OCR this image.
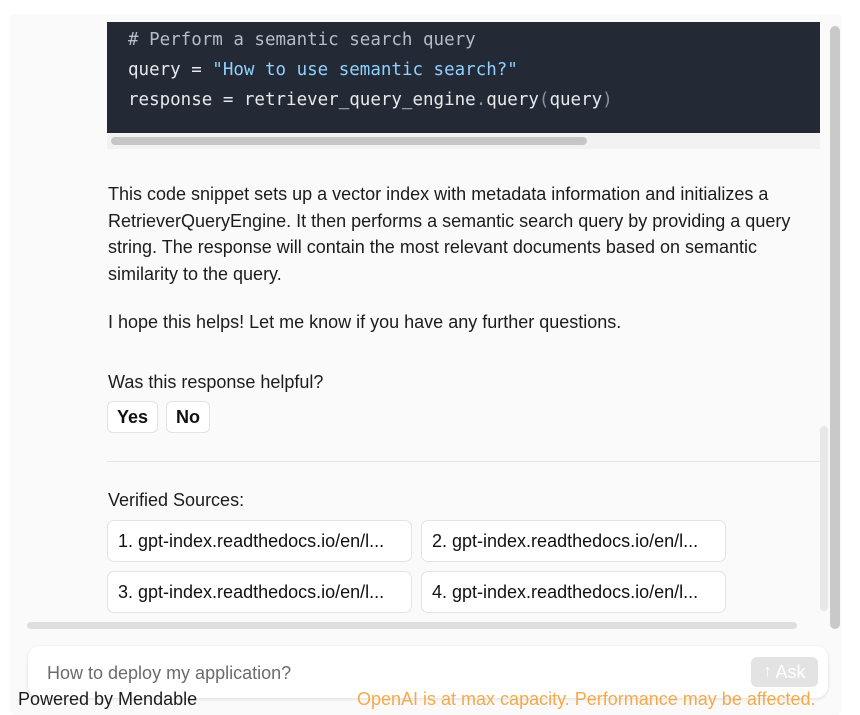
# Perform a semantic search query
query = "How to use semantic search?"
response = retriever_query_engine.query(query)
This code snippet sets up a vector index with metadata information and initializes a RetrieverQueryEngine. It then performs a semantic search query by providing a query string. The response will contain the most relevant documents based on semantic similarity to the query.
I hope this helps! Let me know if you have any further questions.
Was this response helpful?
Yes	No
Verified Sources:
1. gpt-index.readthedocs.io/en/l...	2. gpt-index.readthedocs.io/en/l...
3. gpt-index.readthedocs.io/en/l...	4. gpt-index.readthedocs.io/en/l...
How to deploy my application?
↑ Ask
Powered by Mendable	OpenAI is at max capacity. Performance may be affected.
